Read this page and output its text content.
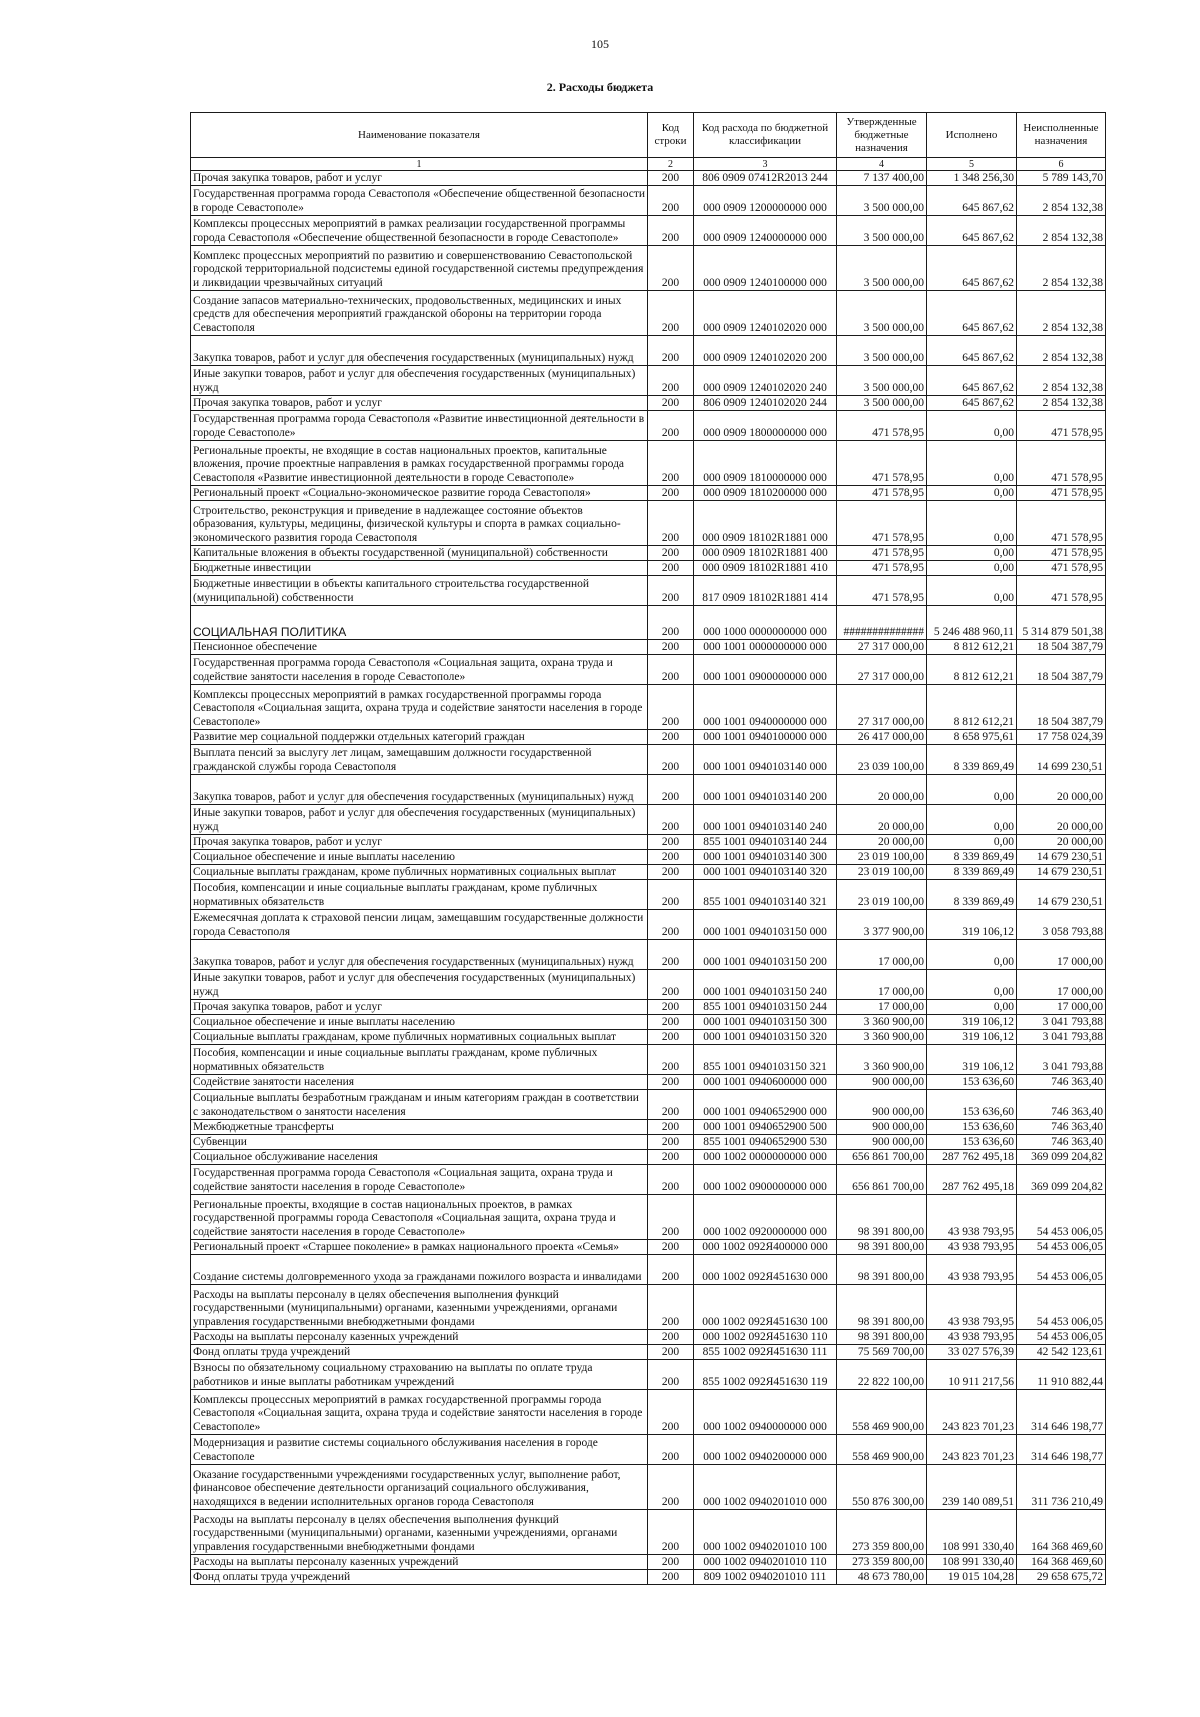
105
2. Расходы бюджета
Наименование показателя	Код строки	Код расхода по бюджетной классификации	Утвержденные бюджетные назначения	Исполнено	Неисполненные назначения
1	2	3	4	5	6
Прочая закупка товаров, работ и услуг	200	806 0909 07412R2013 244	7 137 400,00	1 348 256,30	5 789 143,70
Государственная программа города Севастополя «Обеспечение общественной безопасности в городе Севастополе»	200	000 0909 1200000000 000	3 500 000,00	645 867,62	2 854 132,38
Комплексы процессных мероприятий в рамках реализации государственной программы города Севастополя «Обеспечение общественной безопасности в городе Севастополе»	200	000 0909 1240000000 000	3 500 000,00	645 867,62	2 854 132,38
Комплекс процессных мероприятий по развитию и совершенствованию Севастопольской городской территориальной подсистемы единой государственной системы предупреждения и ликвидации чрезвычайных ситуаций	200	000 0909 1240100000 000	3 500 000,00	645 867,62	2 854 132,38
Создание запасов материально-технических, продовольственных, медицинских и иных средств для обеспечения мероприятий гражданской обороны на территории города Севастополя	200	000 0909 1240102020 000	3 500 000,00	645 867,62	2 854 132,38
Закупка товаров, работ и услуг для обеспечения государственных (муниципальных) нужд	200	000 0909 1240102020 200	3 500 000,00	645 867,62	2 854 132,38
Иные закупки товаров, работ и услуг для обеспечения государственных (муниципальных) нужд	200	000 0909 1240102020 240	3 500 000,00	645 867,62	2 854 132,38
Прочая закупка товаров, работ и услуг	200	806 0909 1240102020 244	3 500 000,00	645 867,62	2 854 132,38
Государственная программа города Севастополя «Развитие инвестиционной деятельности в городе Севастополе»	200	000 0909 1800000000 000	471 578,95	0,00	471 578,95
Региональные проекты, не входящие в состав национальных проектов, капитальные вложения, прочие проектные направления в рамках государственной программы города Севастополя «Развитие инвестиционной деятельности в городе Севастополе»	200	000 0909 1810000000 000	471 578,95	0,00	471 578,95
Региональный проект «Социально-экономическое развитие города Севастополя»	200	000 0909 1810200000 000	471 578,95	0,00	471 578,95
Строительство, реконструкция и приведение в надлежащее состояние объектов образования, культуры, медицины, физической культуры и спорта в рамках социально-экономического развития города Севастополя	200	000 0909 18102R1881 000	471 578,95	0,00	471 578,95
Капитальные вложения в объекты государственной (муниципальной) собственности	200	000 0909 18102R1881 400	471 578,95	0,00	471 578,95
Бюджетные инвестиции	200	000 0909 18102R1881 410	471 578,95	0,00	471 578,95
Бюджетные инвестиции в объекты капитального строительства государственной (муниципальной) собственности	200	817 0909 18102R1881 414	471 578,95	0,00	471 578,95
СОЦИАЛЬНАЯ ПОЛИТИКА	200	000 1000 0000000000 000	##############	5 246 488 960,11	5 314 879 501,38
Пенсионное обеспечение	200	000 1001 0000000000 000	27 317 000,00	8 812 612,21	18 504 387,79
Государственная программа города Севастополя «Социальная защита, охрана труда и содействие занятости населения в городе Севастополе»	200	000 1001 0900000000 000	27 317 000,00	8 812 612,21	18 504 387,79
Комплексы процессных мероприятий в рамках государственной программы города Севастополя «Социальная защита, охрана труда и содействие занятости населения в городе Севастополе»	200	000 1001 0940000000 000	27 317 000,00	8 812 612,21	18 504 387,79
Развитие мер социальной поддержки отдельных категорий граждан	200	000 1001 0940100000 000	26 417 000,00	8 658 975,61	17 758 024,39
Выплата пенсий за выслугу лет лицам, замещавшим должности государственной гражданской службы города Севастополя	200	000 1001 0940103140 000	23 039 100,00	8 339 869,49	14 699 230,51
Закупка товаров, работ и услуг для обеспечения государственных (муниципальных) нужд	200	000 1001 0940103140 200	20 000,00	0,00	20 000,00
Иные закупки товаров, работ и услуг для обеспечения государственных (муниципальных) нужд	200	000 1001 0940103140 240	20 000,00	0,00	20 000,00
Прочая закупка товаров, работ и услуг	200	855 1001 0940103140 244	20 000,00	0,00	20 000,00
Социальное обеспечение и иные выплаты населению	200	000 1001 0940103140 300	23 019 100,00	8 339 869,49	14 679 230,51
Социальные выплаты гражданам, кроме публичных нормативных социальных выплат	200	000 1001 0940103140 320	23 019 100,00	8 339 869,49	14 679 230,51
Пособия, компенсации и иные социальные выплаты гражданам, кроме публичных нормативных обязательств	200	855 1001 0940103140 321	23 019 100,00	8 339 869,49	14 679 230,51
Ежемесячная доплата к страховой пенсии лицам, замещавшим государственные должности города Севастополя	200	000 1001 0940103150 000	3 377 900,00	319 106,12	3 058 793,88
Закупка товаров, работ и услуг для обеспечения государственных (муниципальных) нужд	200	000 1001 0940103150 200	17 000,00	0,00	17 000,00
Иные закупки товаров, работ и услуг для обеспечения государственных (муниципальных) нужд	200	000 1001 0940103150 240	17 000,00	0,00	17 000,00
Прочая закупка товаров, работ и услуг	200	855 1001 0940103150 244	17 000,00	0,00	17 000,00
Социальное обеспечение и иные выплаты населению	200	000 1001 0940103150 300	3 360 900,00	319 106,12	3 041 793,88
Социальные выплаты гражданам, кроме публичных нормативных социальных выплат	200	000 1001 0940103150 320	3 360 900,00	319 106,12	3 041 793,88
Пособия, компенсации и иные социальные выплаты гражданам, кроме публичных нормативных обязательств	200	855 1001 0940103150 321	3 360 900,00	319 106,12	3 041 793,88
Содействие занятости населения	200	000 1001 0940600000 000	900 000,00	153 636,60	746 363,40
Социальные выплаты безработным гражданам и иным категориям граждан в соответствии с законодательством о занятости населения	200	000 1001 0940652900 000	900 000,00	153 636,60	746 363,40
Межбюджетные трансферты	200	000 1001 0940652900 500	900 000,00	153 636,60	746 363,40
Субвенции	200	855 1001 0940652900 530	900 000,00	153 636,60	746 363,40
Социальное обслуживание населения	200	000 1002 0000000000 000	656 861 700,00	287 762 495,18	369 099 204,82
Государственная программа города Севастополя «Социальная защита, охрана труда и содействие занятости населения в городе Севастополе»	200	000 1002 0900000000 000	656 861 700,00	287 762 495,18	369 099 204,82
Региональные проекты, входящие в состав национальных проектов, в рамках государственной программы города Севастополя «Социальная защита, охрана труда и содействие занятости населения в городе Севастополе»	200	000 1002 0920000000 000	98 391 800,00	43 938 793,95	54 453 006,05
Региональный проект «Старшее поколение» в рамках национального проекта «Семья»	200	000 1002 092Я400000 000	98 391 800,00	43 938 793,95	54 453 006,05
Создание системы долговременного ухода за гражданами пожилого возраста и инвалидами	200	000 1002 092Я451630 000	98 391 800,00	43 938 793,95	54 453 006,05
Расходы на выплаты персоналу в целях обеспечения выполнения функций государственными (муниципальными) органами, казенными учреждениями, органами управления государственными внебюджетными фондами	200	000 1002 092Я451630 100	98 391 800,00	43 938 793,95	54 453 006,05
Расходы на выплаты персоналу казенных учреждений	200	000 1002 092Я451630 110	98 391 800,00	43 938 793,95	54 453 006,05
Фонд оплаты труда учреждений	200	855 1002 092Я451630 111	75 569 700,00	33 027 576,39	42 542 123,61
Взносы по обязательному социальному страхованию на выплаты по оплате труда работников и иные выплаты работникам учреждений	200	855 1002 092Я451630 119	22 822 100,00	10 911 217,56	11 910 882,44
Комплексы процессных мероприятий в рамках государственной программы города Севастополя «Социальная защита, охрана труда и содействие занятости населения в городе Севастополе»	200	000 1002 0940000000 000	558 469 900,00	243 823 701,23	314 646 198,77
Модернизация и развитие системы социального обслуживания населения в городе Севастополе	200	000 1002 0940200000 000	558 469 900,00	243 823 701,23	314 646 198,77
Оказание государственными учреждениями государственных услуг, выполнение работ, финансовое обеспечение деятельности организаций социального обслуживания, находящихся в ведении исполнительных органов города Севастополя	200	000 1002 0940201010 000	550 876 300,00	239 140 089,51	311 736 210,49
Расходы на выплаты персоналу в целях обеспечения выполнения функций государственными (муниципальными) органами, казенными учреждениями, органами управления государственными внебюджетными фондами	200	000 1002 0940201010 100	273 359 800,00	108 991 330,40	164 368 469,60
Расходы на выплаты персоналу казенных учреждений	200	000 1002 0940201010 110	273 359 800,00	108 991 330,40	164 368 469,60
Фонд оплаты труда учреждений	200	809 1002 0940201010 111	48 673 780,00	19 015 104,28	29 658 675,72
